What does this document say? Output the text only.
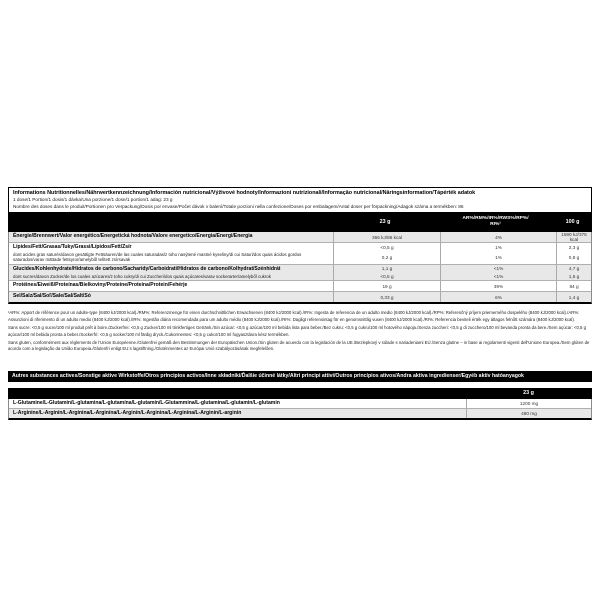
Informations Nutritionnelles/Nährwertkennzeichnung/Información nutricional/Výživové hodnoty/Informazioni nutrizionali/Informação nutricional/Näringsinformation/Tápérték adatok
1 dose/1 Portion/1 dosis/1 dávka/Una porzione/1 dose/1 portion/1 adag: 23 g
Nombre des doses dans le produit/Portionen pro Verpackung/Dosis por envase/Počet dávok v balení/Totale porzioni nella confezione/Doses por embalagem/Antal doser per förpackning/Adagok száma a termékben: 86
23 g
AR%/RM%/IR%/RWS%/RP%/
RI%¹	100 g
Énergie/Brennwert/Valor energético/Energetická hodnota/Valore energetico/Energia/Energi/Energia	366 kJ/86 kcal	4%	1590 kJ/375 kcal
Lipides/Fett/Grasas/Tuky/Grassi/Lípidos/Fett/Zsír	<0,5 g	1%	2,3 g
dont acides gras saturés/davon gesättigte Fettsäuren/de las cuales saturadas/z toho nasýtené mastné kyseliny/di cui Saturi/dos quais ácidos gordos saturados/varav mättade fettsyror/amelyből telített zsírsavak	0,2 g	1%	0,8 g
Glucides/Kohlenhydrate/Hidratos de carbono/Sacharidy/Carboidrati/Hidratos de carbono/Kolhydrat/Szénhidrát	1,1 g	<1%	4,7 g
dont sucres/davon Zucker/de los cuales azúcares/z toho cukry/di cui Zuccheri/dos quais açúcares/varav sockerarter/amelyből cukrok	<0,5 g	<1%	1,5 g
Protéines/Eiweiß/Proteínas/Bielkoviny/Proteine/Proteína/Protein/Fehérje	19 g	39%	84 g
Sel/Salz/Sal/Soľ/Sale/Sal/Salt/Só	0,33 g	6%	1,4 g

¹AR%: Apport de référence pour un adulte-type (8400 kJ/2000 kcal)./RM%: Referenzmenge für einen durchschnittlichen Erwachsenen (8400 kJ/2000 kcal)./IR%: Ingesta de referencia de un adulto medio (8400 kJ/2000 kcal)./RP%: Referenčný príjem priemerného dospelého (8400 kJ/2000 kcal)./AR%: Assunzioni di riferimento di un adulto medio (8400 kJ/2000 kcal)./IR%: Ingestão diária recomendada para um adulto médio (8400 kJ/2000 kcal)./RI%: Dagligt referensintag för en genomsnittlig vuxen (8400 kJ/2000 kcal)./RI%: Referencia beviteli érték egy átlagos felnőtt számára (8400 kJ/2000 kcal).

Sans sucre: <0,5 g sucre/100 ml produit prêt à boire./Zuckerfrei: <0,5 g Zucker/100 ml trinkfertiges Getränk./Sin azúcar: <0,5 g azúcar/100 ml bebida lista para beber./Bez cukru: <0,5 g cukru/100 ml hotového nápoja./Senza zuccheri: <0,5 g di zucchero/100 ml bevanda pronta da bere./Sem açúcar: <0,5 g açúcar/100 ml bebida pronta a beber./Sockerfri: <0,5 g socker/100 ml färdig dryck./Cukormentes: <0,5 g cukor/100 ml fogyasztásra kész termékben.

Sans gluten, conformément aux règlements de l'Union Européenne./Glutenfrei gemäß den Bestimmungen der Europäischen Union./Sin gluten de acuerdo con la legislación de la UE./Bezlepkový v súlade s nariadeniami EÚ./Senza glutine – in base ai regolamenti vigenti dell'Unione Europea./Sem glúten de acordo com a legislação da União Europeia./Glutenfri enligt EU:s lagstiftning./Gluténmentes az Európai Unió szabályozásának megfelelően.

Autres substances actives/Sonstige aktive Wirkstoffe/Otros principios activos/Inne składniki/Ďalšie účinné látky/Altri principi attivi/Outros princípios ativos/Andra aktiva ingredienser/Egyéb aktív hatóanyagok
23 g
L-Glutamine/L-Glutamin/L-glutamina/L-glutamína/L-glutamín/L-Glutammina/L-glutamina/L-glutamin/L-glutamin	1200 mg
L-Arginine/L-Arginin/L-Arginina/L-Arginína/L-Arginín/L-Arginina/L-Arginina/L-Arginin/L-arginin	480 mg
